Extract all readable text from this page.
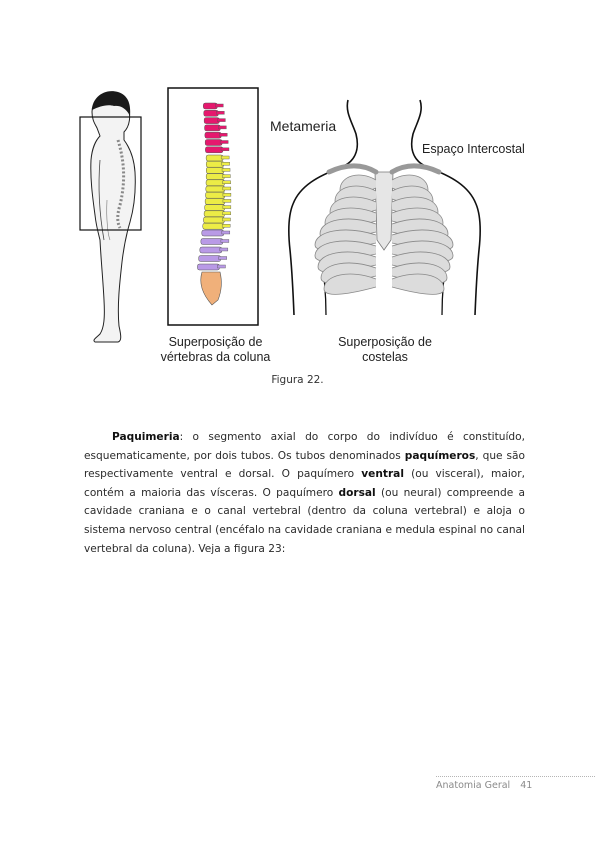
Metameria
Espaço Intercostal
Superposição de
vértebras da coluna
Superposição de
costelas
Figura 22.

Paquimeria: o segmento axial do corpo do indivíduo é constituído, esquematicamente, por dois tubos. Os tubos denominados paquímeros, que são respectivamente ventral e dorsal. O paquímero ventral (ou visceral), maior, contém a maioria das vísceras. O paquímero dorsal (ou neural) compreende a cavidade craniana e o canal vertebral (dentro da coluna vertebral) e aloja o sistema nervoso central (encéfalo na cavidade craniana e medula espinal no canal vertebral da coluna). Veja a figura 23:

Anatomia Geral 41
